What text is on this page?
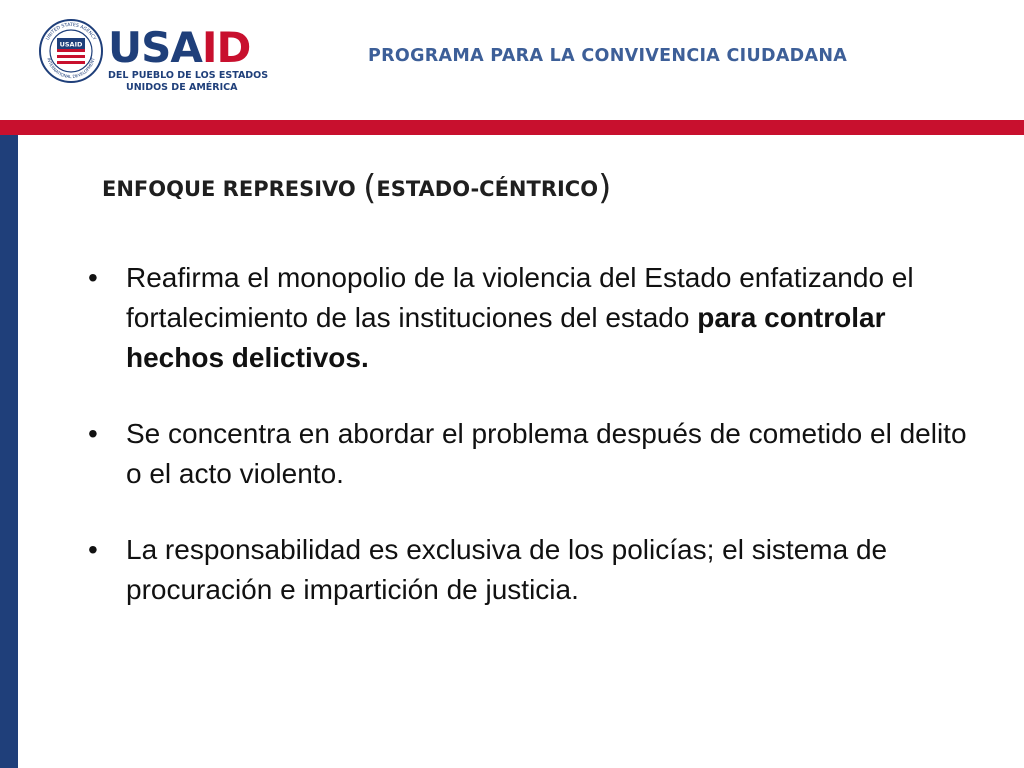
USAID
UNITED STATES AGENCY
INTERNATIONAL DEVELOPMENT USAID
DEL PUEBLO DE LOS ESTADOS
UNIDOS DE AMÉRICA
PROGRAMA PARA LA CONVIVENCIA CIUDADANA
ENFOQUE REPRESIVO (ESTADO-CÉNTRICO)
• Reafirma el monopolio de la violencia del Estado enfatizando el fortalecimiento de las instituciones del estado para controlar hechos delictivos.
• Se concentra en abordar el problema después de cometido el delito o el acto violento.
• La responsabilidad es exclusiva de los policías; el sistema de procuración e impartición de justicia.
